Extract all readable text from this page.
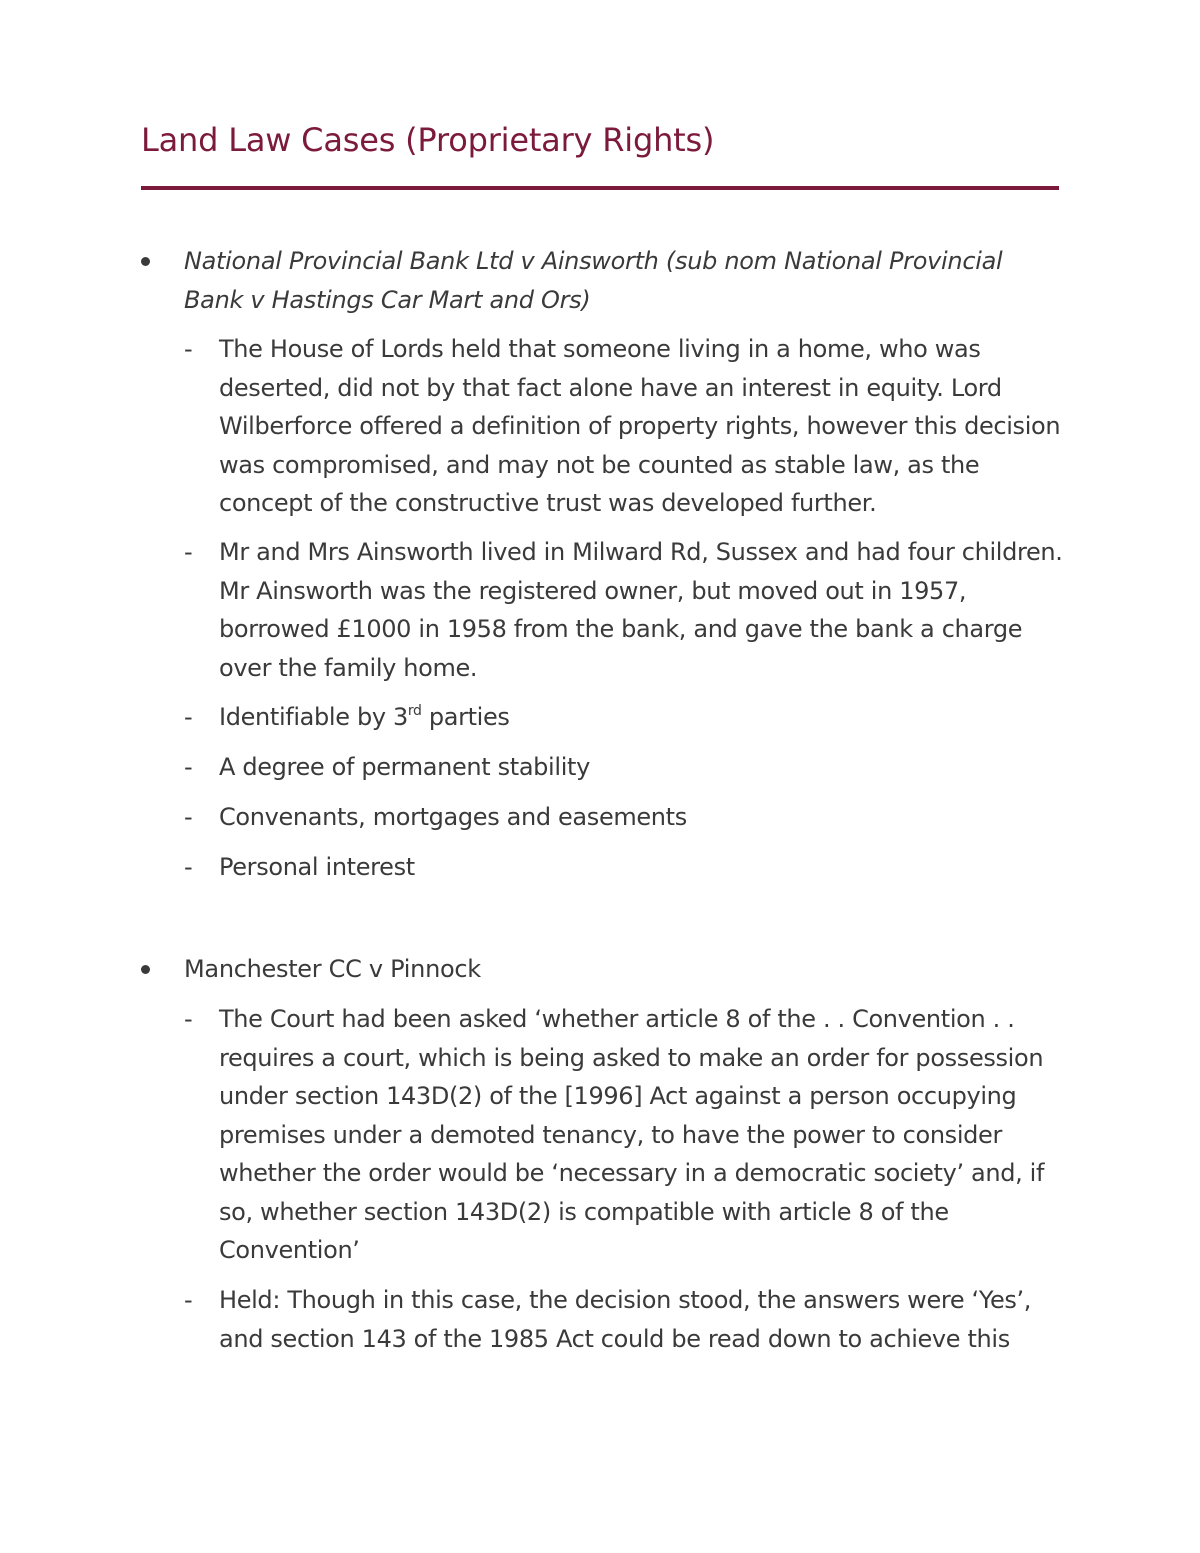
Land Law Cases (Proprietary Rights)

National Provincial Bank Ltd v Ainsworth (sub nom National Provincial Bank v Hastings Car Mart and Ors)

- The House of Lords held that someone living in a home, who was deserted, did not by that fact alone have an interest in equity. Lord Wilberforce offered a definition of property rights, however this decision was compromised, and may not be counted as stable law, as the concept of the constructive trust was developed further.

- Mr and Mrs Ainsworth lived in Milward Rd, Sussex and had four children. Mr Ainsworth was the registered owner, but moved out in 1957, borrowed £1000 in 1958 from the bank, and gave the bank a charge over the family home.

- Identifiable by 3rd parties

- A degree of permanent stability

- Convenants, mortgages and easements

- Personal interest

Manchester CC v Pinnock

- The Court had been asked ‘whether article 8 of the . . Convention . . requires a court, which is being asked to make an order for possession under section 143D(2) of the [1996] Act against a person occupying premises under a demoted tenancy, to have the power to consider whether the order would be ‘necessary in a democratic society’ and, if so, whether section 143D(2) is compatible with article 8 of the Convention’

- Held: Though in this case, the decision stood, the answers were ‘Yes’, and section 143 of the 1985 Act could be read down to achieve this
